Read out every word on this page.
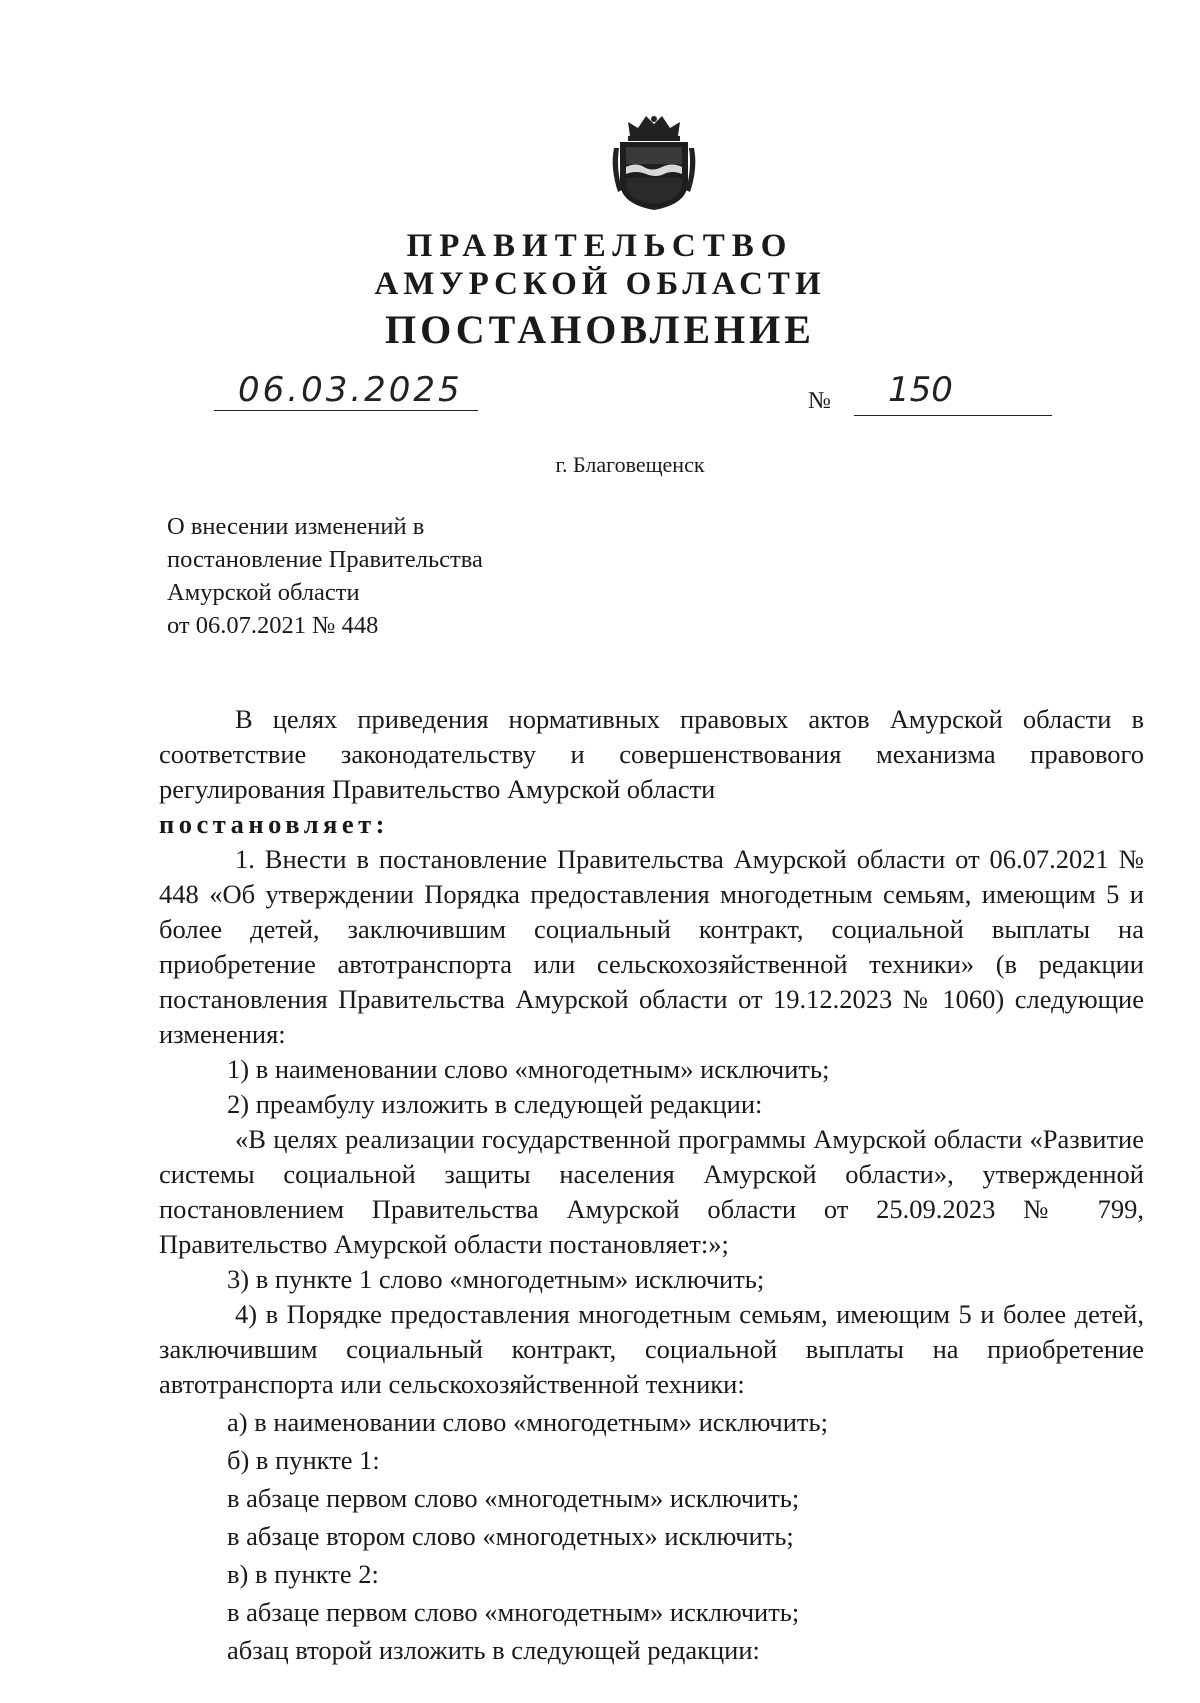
ПРАВИТЕЛЬСТВО
АМУРСКОЙ ОБЛАСТИ
ПОСТАНОВЛЕНИЕ
06.03.2025	№ 150
г. Благовещенск
О внесении изменений в
постановление Правительства
Амурской области
от 06.07.2021 № 448

В целях приведения нормативных правовых актов Амурской области в соответствие законодательству и совершенствования механизма правового регулирования Правительство Амурской области

постановляет:

1. Внести в постановление Правительства Амурской области от 06.07.2021 № 448 «Об утверждении Порядка предоставления многодетным семьям, имеющим 5 и более детей, заключившим социальный контракт, социальной выплаты на приобретение автотранспорта или сельскохозяйственной техники» (в редакции постановления Правительства Амурской области от 19.12.2023 № 1060) следующие изменения:

1) в наименовании слово «многодетным» исключить;

2) преамбулу изложить в следующей редакции:

«В целях реализации государственной программы Амурской области «Развитие системы социальной защиты населения Амурской области», утвержденной постановлением Правительства Амурской области от 25.09.2023 № 799, Правительство Амурской области постановляет:»;

3) в пункте 1 слово «многодетным» исключить;

4) в Порядке предоставления многодетным семьям, имеющим 5 и более детей, заключившим социальный контракт, социальной выплаты на приобретение автотранспорта или сельскохозяйственной техники:

а) в наименовании слово «многодетным» исключить;

б) в пункте 1:

в абзаце первом слово «многодетным» исключить;

в абзаце втором слово «многодетных» исключить;

в) в пункте 2:

в абзаце первом слово «многодетным» исключить;

абзац второй изложить в следующей редакции:
